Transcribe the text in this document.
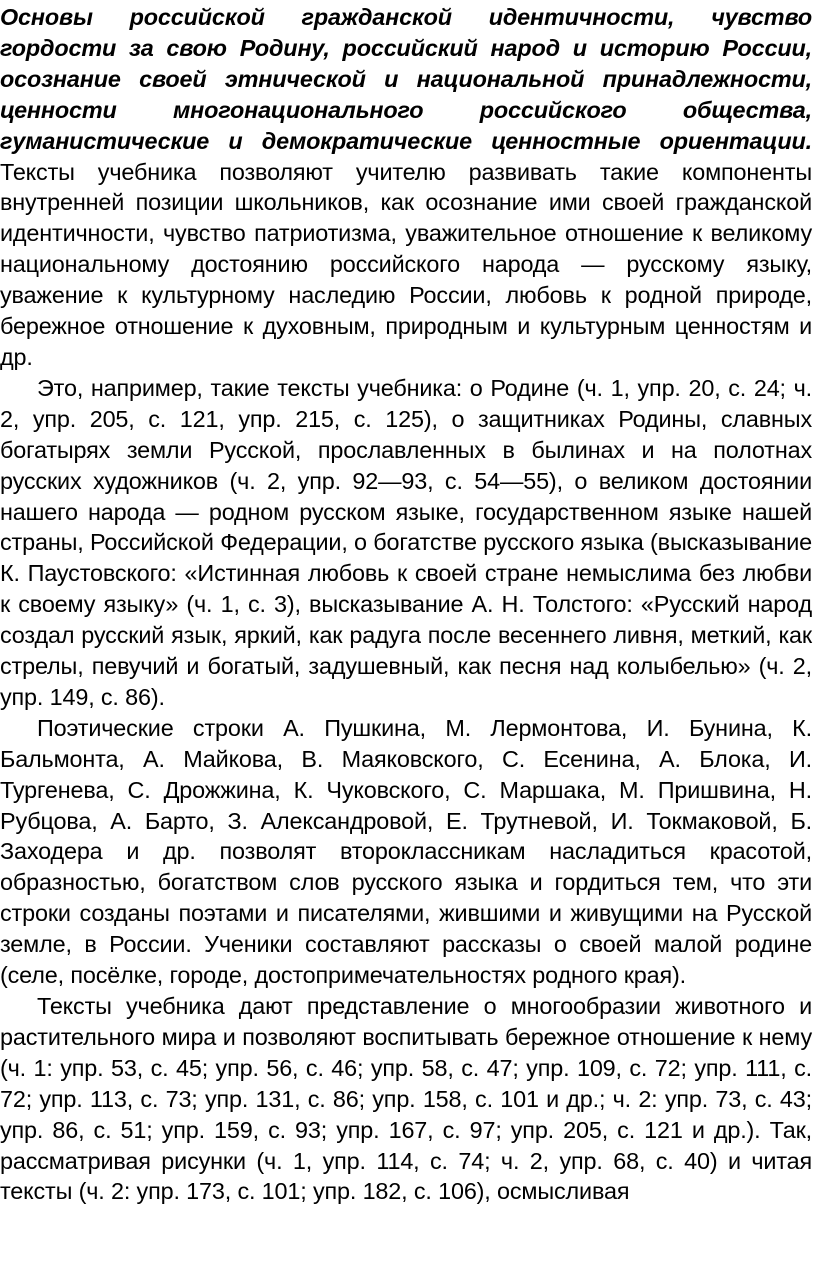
Основы российской гражданской идентичности, чувство гордости за свою Родину, российский народ и историю России, осознание своей этнической и национальной принадлежности, ценности многонационального российского общества, гуманистические и демократические ценностные ориентации. Тексты учебника позволяют учителю развивать такие компоненты внутренней позиции школьников, как осознание ими своей гражданской идентичности, чувство патриотизма, уважительное отношение к великому национальному достоянию российского народа — русскому языку, уважение к культурному наследию России, любовь к родной природе, бережное отношение к духовным, природным и культурным ценностям и др.

Это, например, такие тексты учебника: о Родине (ч. 1, упр. 20, с. 24; ч. 2, упр. 205, с. 121, упр. 215, с. 125), о защитниках Родины, славных богатырях земли Русской, прославленных в былинах и на полотнах русских художников (ч. 2, упр. 92—93, с. 54—55), о великом достоянии нашего народа — родном русском языке, государственном языке нашей страны, Российской Федерации, о богатстве русского языка (высказывание К. Паустовского: «Истинная любовь к своей стране немыслима без любви к своему языку» (ч. 1, с. 3), высказывание А. Н. Толстого: «Русский народ создал русский язык, яркий, как радуга после весеннего ливня, меткий, как стрелы, певучий и богатый, задушевный, как песня над колыбелью» (ч. 2, упр. 149, с. 86).

Поэтические строки А. Пушкина, М. Лермонтова, И. Бунина, К. Бальмонта, А. Майкова, В. Маяковского, С. Есенина, А. Блока, И. Тургенева, С. Дрожжина, К. Чуковского, С. Маршака, М. Пришвина, Н. Рубцова, А. Барто, З. Александровой, Е. Трутневой, И. Токмаковой, Б. Заходера и др. позволят второклассникам насладиться красотой, образностью, богатством слов русского языка и гордиться тем, что эти строки созданы поэтами и писателями, жившими и живущими на Русской земле, в России. Ученики составляют рассказы о своей малой родине (селе, посёлке, городе, достопримечательностях родного края).

Тексты учебника дают представление о многообразии животного и растительного мира и позволяют воспитывать бережное отношение к нему (ч. 1: упр. 53, с. 45; упр. 56, с. 46; упр. 58, с. 47; упр. 109, с. 72; упр. 111, с. 72; упр. 113, с. 73; упр. 131, с. 86; упр. 158, с. 101 и др.; ч. 2: упр. 73, с. 43; упр. 86, с. 51; упр. 159, с. 93; упр. 167, с. 97; упр. 205, с. 121 и др.). Так, рассматривая рисунки (ч. 1, упр. 114, с. 74; ч. 2, упр. 68, с. 40) и читая тексты (ч. 2: упр. 173, с. 101; упр. 182, с. 106), осмысливая
